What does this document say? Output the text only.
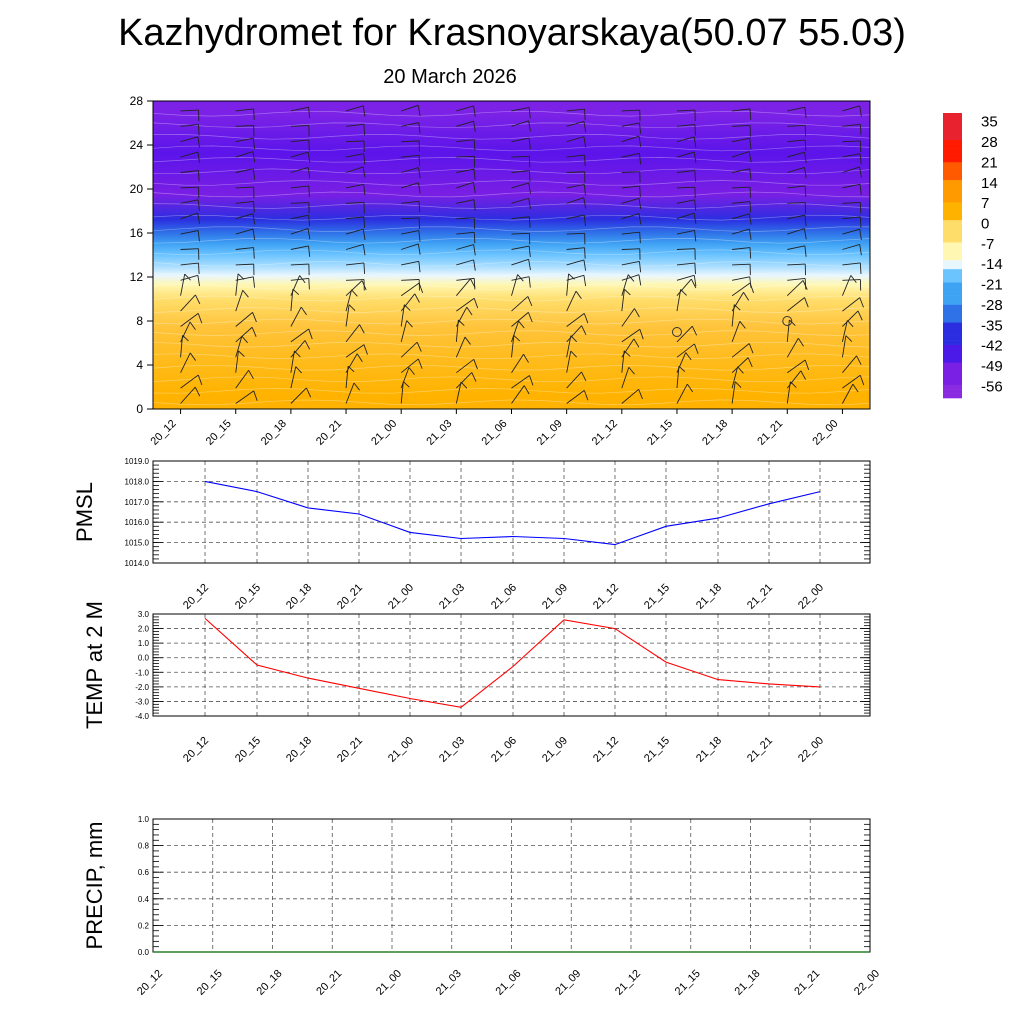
Kazhydromet for Krasnoyarskaya(50.07 55.03)
20 March 2026
0
4
8
12
16
20
24
28
20_12 20_15 20_18 20_21 21_00 21_03 21_06 21_09 21_12 21_15 21_18 21_21 22_00
35
28
21
14
7
0
-7
-14
-21
-28
-35
-42
-49
-56
1014.0
1015.0
1016.0
1017.0
1018.0
1019.0
20_12 20_15 20_18 20_21 21_00 21_03 21_06 21_09 21_12 21_15 21_18 21_21 22_00
PMSL
-4.0
-3.0
-2.0
-1.0
0.0
1.0
2.0
3.0
20_12 20_15 20_18 20_21 21_00 21_03 21_06 21_09 21_12 21_15 21_18 21_21 22_00
TEMP at 2 M
0.0
0.2
0.4
0.6
0.8
1.0
20_12	20_15	20_18	20_21	21_00	21_03	21_06	21_09	21_12	21_15	21_18	21_21	22_00
PRECIP, mm
